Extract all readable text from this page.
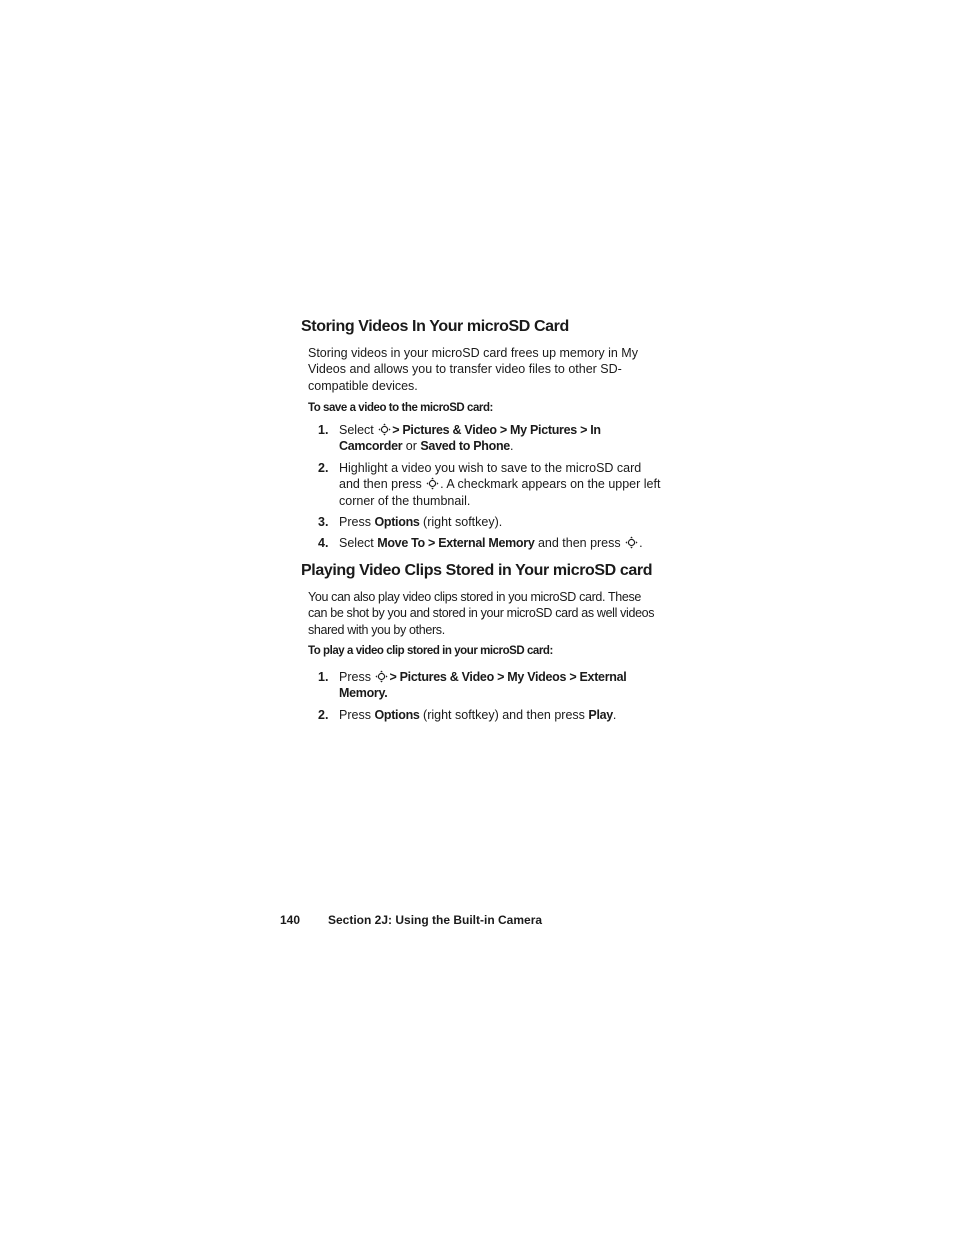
Storing Videos In Your microSD Card
Storing videos in your microSD card frees up memory in My Videos and allows you to transfer video files to other SD-compatible devices.
To save a video to the microSD card:
1. Select > Pictures & Video > My Pictures > In Camcorder or Saved to Phone.
2. Highlight a video you wish to save to the microSD card and then press . A checkmark appears on the upper left corner of the thumbnail.
3. Press Options (right softkey).
4. Select Move To > External Memory and then press .
Playing Video Clips Stored in Your microSD card
You can also play video clips stored in you microSD card. These can be shot by you and stored in your microSD card as well videos shared with you by others.
To play a video clip stored in your microSD card:
1. Press > Pictures & Video > My Videos > External Memory.
2. Press Options (right softkey) and then press Play.
140 Section 2J: Using the Built-in Camera
